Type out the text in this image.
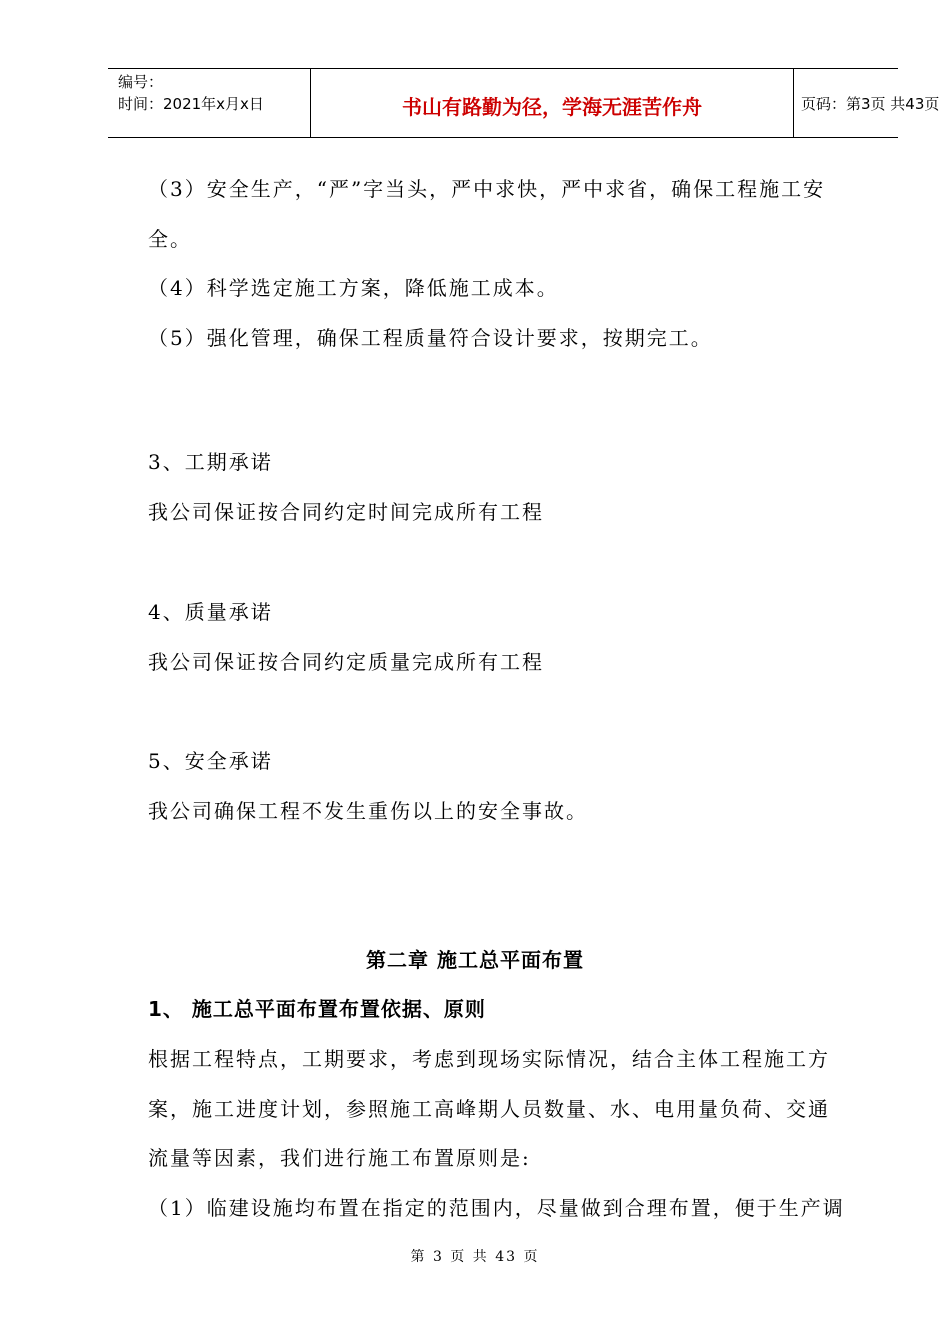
编号：
时间：2021年x月x日	书山有路勤为径，学海无涯苦作舟	页码：第3页 共43页
（3）安全生产，“严”字当头，严中求快，严中求省，确保工程施工安
全。
（4）科学选定施工方案，降低施工成本。
（5）强化管理，确保工程质量符合设计要求，按期完工。
3、工期承诺
我公司保证按合同约定时间完成所有工程
4、质量承诺
我公司保证按合同约定质量完成所有工程
5、安全承诺
我公司确保工程不发生重伤以上的安全事故。
第二章 施工总平面布置
1、 施工总平面布置布置依据、原则
根据工程特点，工期要求，考虑到现场实际情况，结合主体工程施工方
案，施工进度计划，参照施工高峰期人员数量、水、电用量负荷、交通
流量等因素，我们进行施工布置原则是:
（1）临建设施均布置在指定的范围内，尽量做到合理布置，便于生产调
第 3 页 共 43 页
